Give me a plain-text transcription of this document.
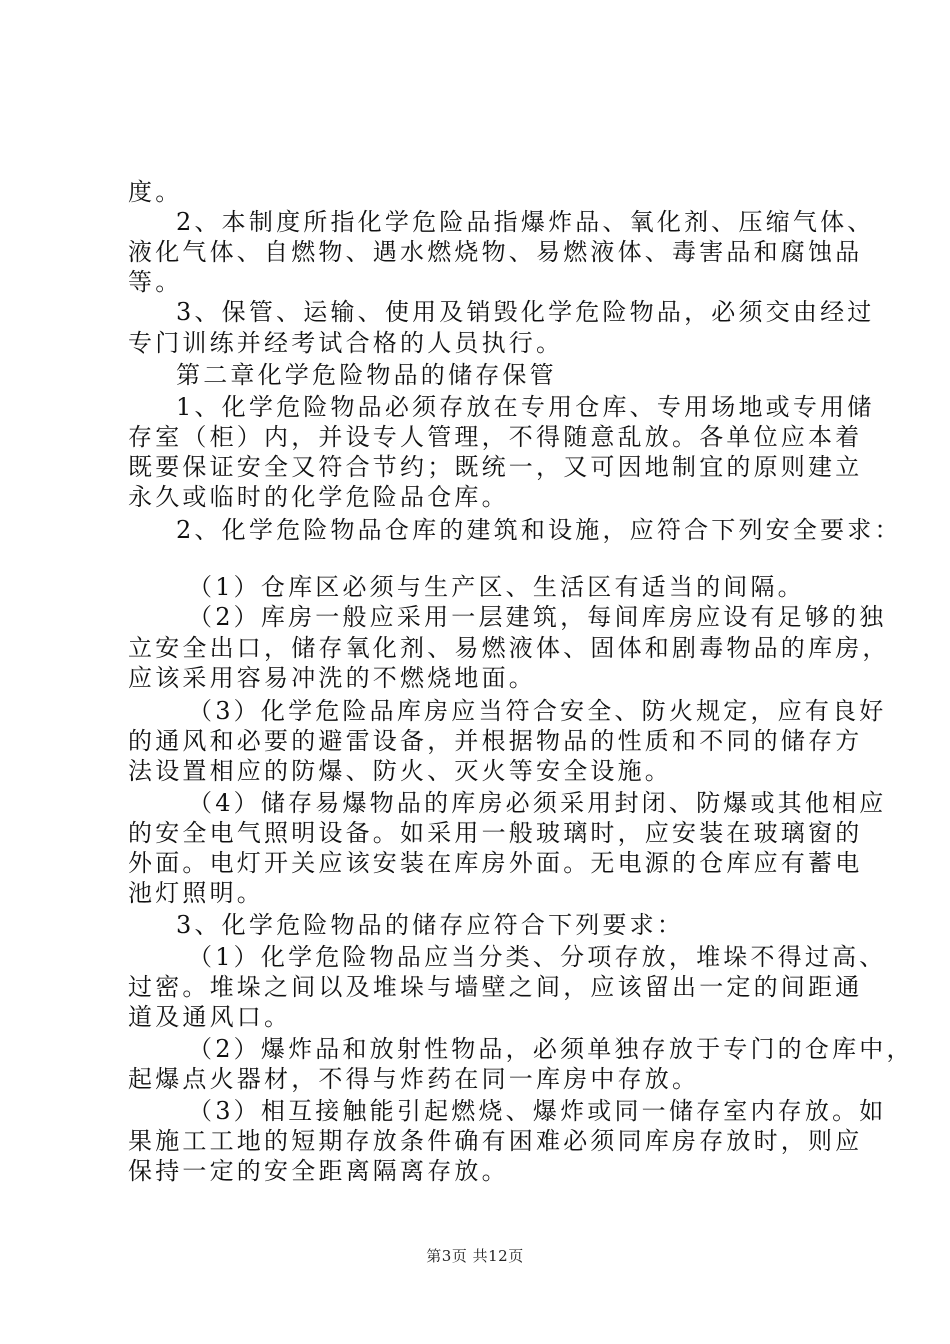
度。
2、本制度所指化学危险品指爆炸品、氧化剂、压缩气体、
液化气体、自燃物、遇水燃烧物、易燃液体、毒害品和腐蚀品
等。
3、保管、运输、使用及销毁化学危险物品，必须交由经过
专门训练并经考试合格的人员执行。
第二章化学危险物品的储存保管
1、化学危险物品必须存放在专用仓库、专用场地或专用储
存室（柜）内，并设专人管理，不得随意乱放。各单位应本着
既要保证安全又符合节约；既统一，又可因地制宜的原则建立
永久或临时的化学危险品仓库。
2、化学危险物品仓库的建筑和设施，应符合下列安全要求：
（1）仓库区必须与生产区、生活区有适当的间隔。
（2）库房一般应采用一层建筑，每间库房应设有足够的独
立安全出口，储存氧化剂、易燃液体、固体和剧毒物品的库房，
应该采用容易冲洗的不燃烧地面。
（3）化学危险品库房应当符合安全、防火规定，应有良好
的通风和必要的避雷设备，并根据物品的性质和不同的储存方
法设置相应的防爆、防火、灭火等安全设施。
（4）储存易爆物品的库房必须采用封闭、防爆或其他相应
的安全电气照明设备。如采用一般玻璃时，应安装在玻璃窗的
外面。电灯开关应该安装在库房外面。无电源的仓库应有蓄电
池灯照明。
3、化学危险物品的储存应符合下列要求：
（1）化学危险物品应当分类、分项存放，堆垛不得过高、
过密。堆垛之间以及堆垛与墙壁之间，应该留出一定的间距通
道及通风口。
（2）爆炸品和放射性物品，必须单独存放于专门的仓库中，
起爆点火器材，不得与炸药在同一库房中存放。
（3）相互接触能引起燃烧、爆炸或同一储存室内存放。如
果施工工地的短期存放条件确有困难必须同库房存放时，则应
保持一定的安全距离隔离存放。
第3页 共12页
